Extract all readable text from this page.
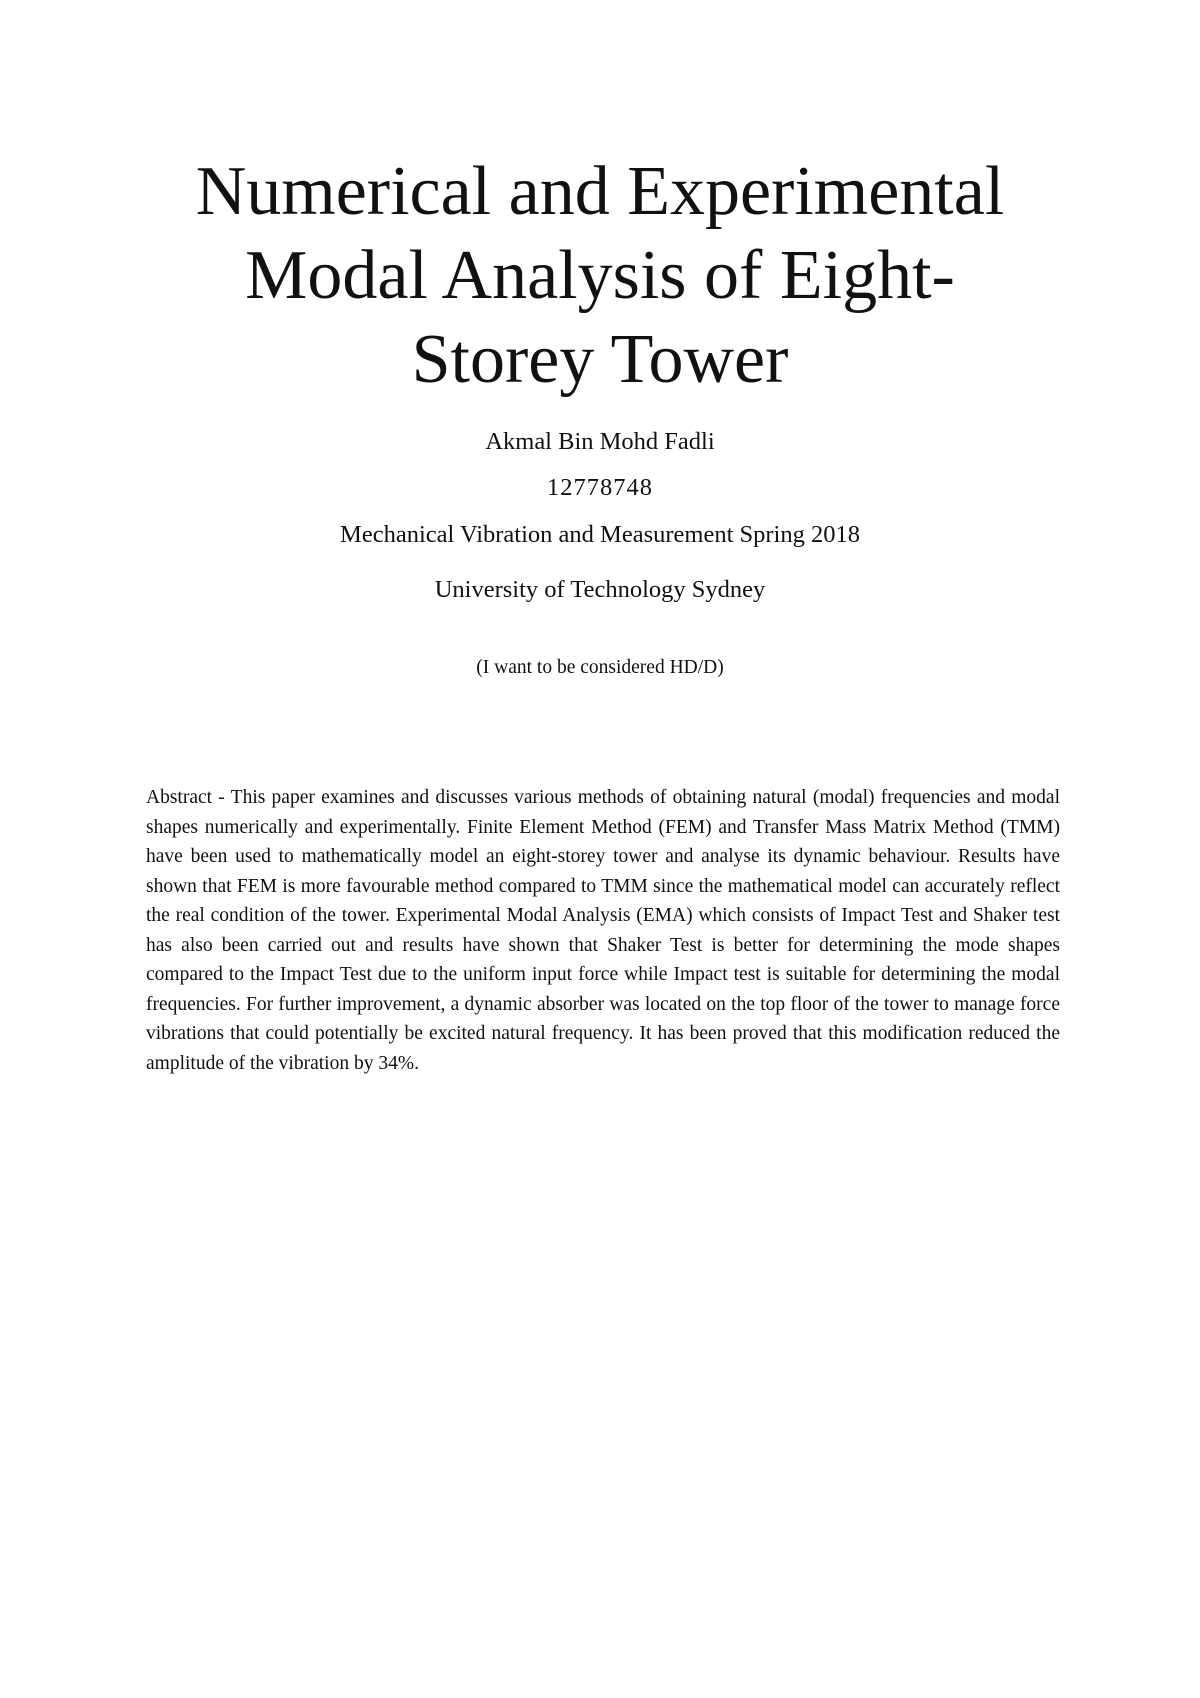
Numerical and Experimental
Modal Analysis of Eight-
Storey Tower

Akmal Bin Mohd Fadli

12778748

Mechanical Vibration and Measurement Spring 2018

University of Technology Sydney

(I want to be considered HD/D)

Abstract - This paper examines and discusses various methods of obtaining natural (modal) frequencies and modal shapes numerically and experimentally. Finite Element Method (FEM) and Transfer Mass Matrix Method (TMM) have been used to mathematically model an eight-storey tower and analyse its dynamic behaviour. Results have shown that FEM is more favourable method compared to TMM since the mathematical model can accurately reflect the real condition of the tower. Experimental Modal Analysis (EMA) which consists of Impact Test and Shaker test has also been carried out and results have shown that Shaker Test is better for determining the mode shapes compared to the Impact Test due to the uniform input force while Impact test is suitable for determining the modal frequencies. For further improvement, a dynamic absorber was located on the top floor of the tower to manage force vibrations that could potentially be excited natural frequency. It has been proved that this modification reduced the amplitude of the vibration by 34%.
